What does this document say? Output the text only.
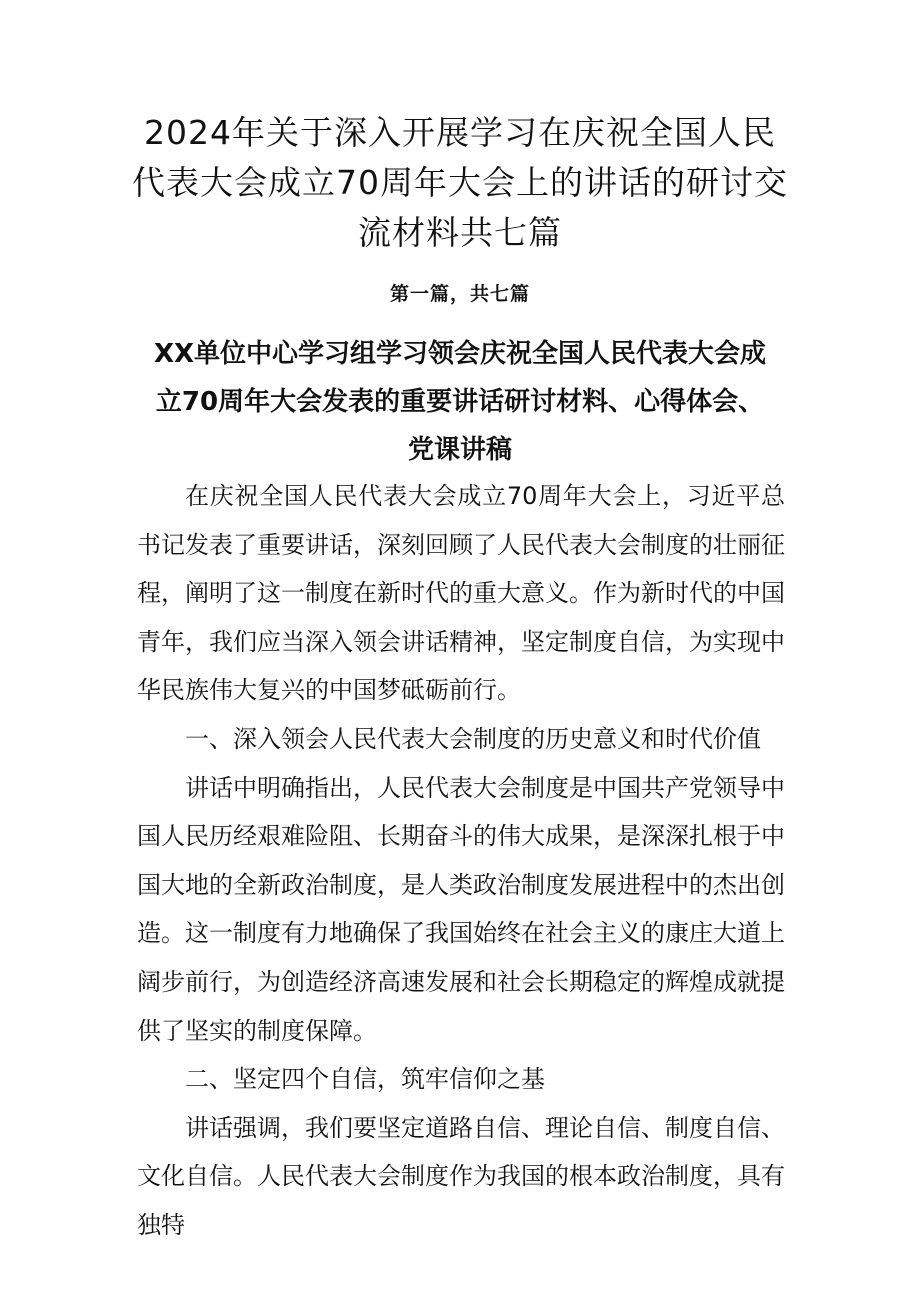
2024年关于深入开展学习在庆祝全国人民代表大会成立70周年大会上的讲话的研讨交流材料共七篇
第一篇，共七篇
XX单位中心学习组学习领会庆祝全国人民代表大会成立70周年大会发表的重要讲话研讨材料、心得体会、党课讲稿

在庆祝全国人民代表大会成立70周年大会上，习近平总书记发表了重要讲话，深刻回顾了人民代表大会制度的壮丽征程，阐明了这一制度在新时代的重大意义。作为新时代的中国青年，我们应当深入领会讲话精神，坚定制度自信，为实现中华民族伟大复兴的中国梦砥砺前行。

一、深入领会人民代表大会制度的历史意义和时代价值

讲话中明确指出，人民代表大会制度是中国共产党领导中国人民历经艰难险阻、长期奋斗的伟大成果，是深深扎根于中国大地的全新政治制度，是人类政治制度发展进程中的杰出创造。这一制度有力地确保了我国始终在社会主义的康庄大道上阔步前行，为创造经济高速发展和社会长期稳定的辉煌成就提供了坚实的制度保障。

二、坚定四个自信，筑牢信仰之基

讲话强调，我们要坚定道路自信、理论自信、制度自信、文化自信。人民代表大会制度作为我国的根本政治制度，具有独特
